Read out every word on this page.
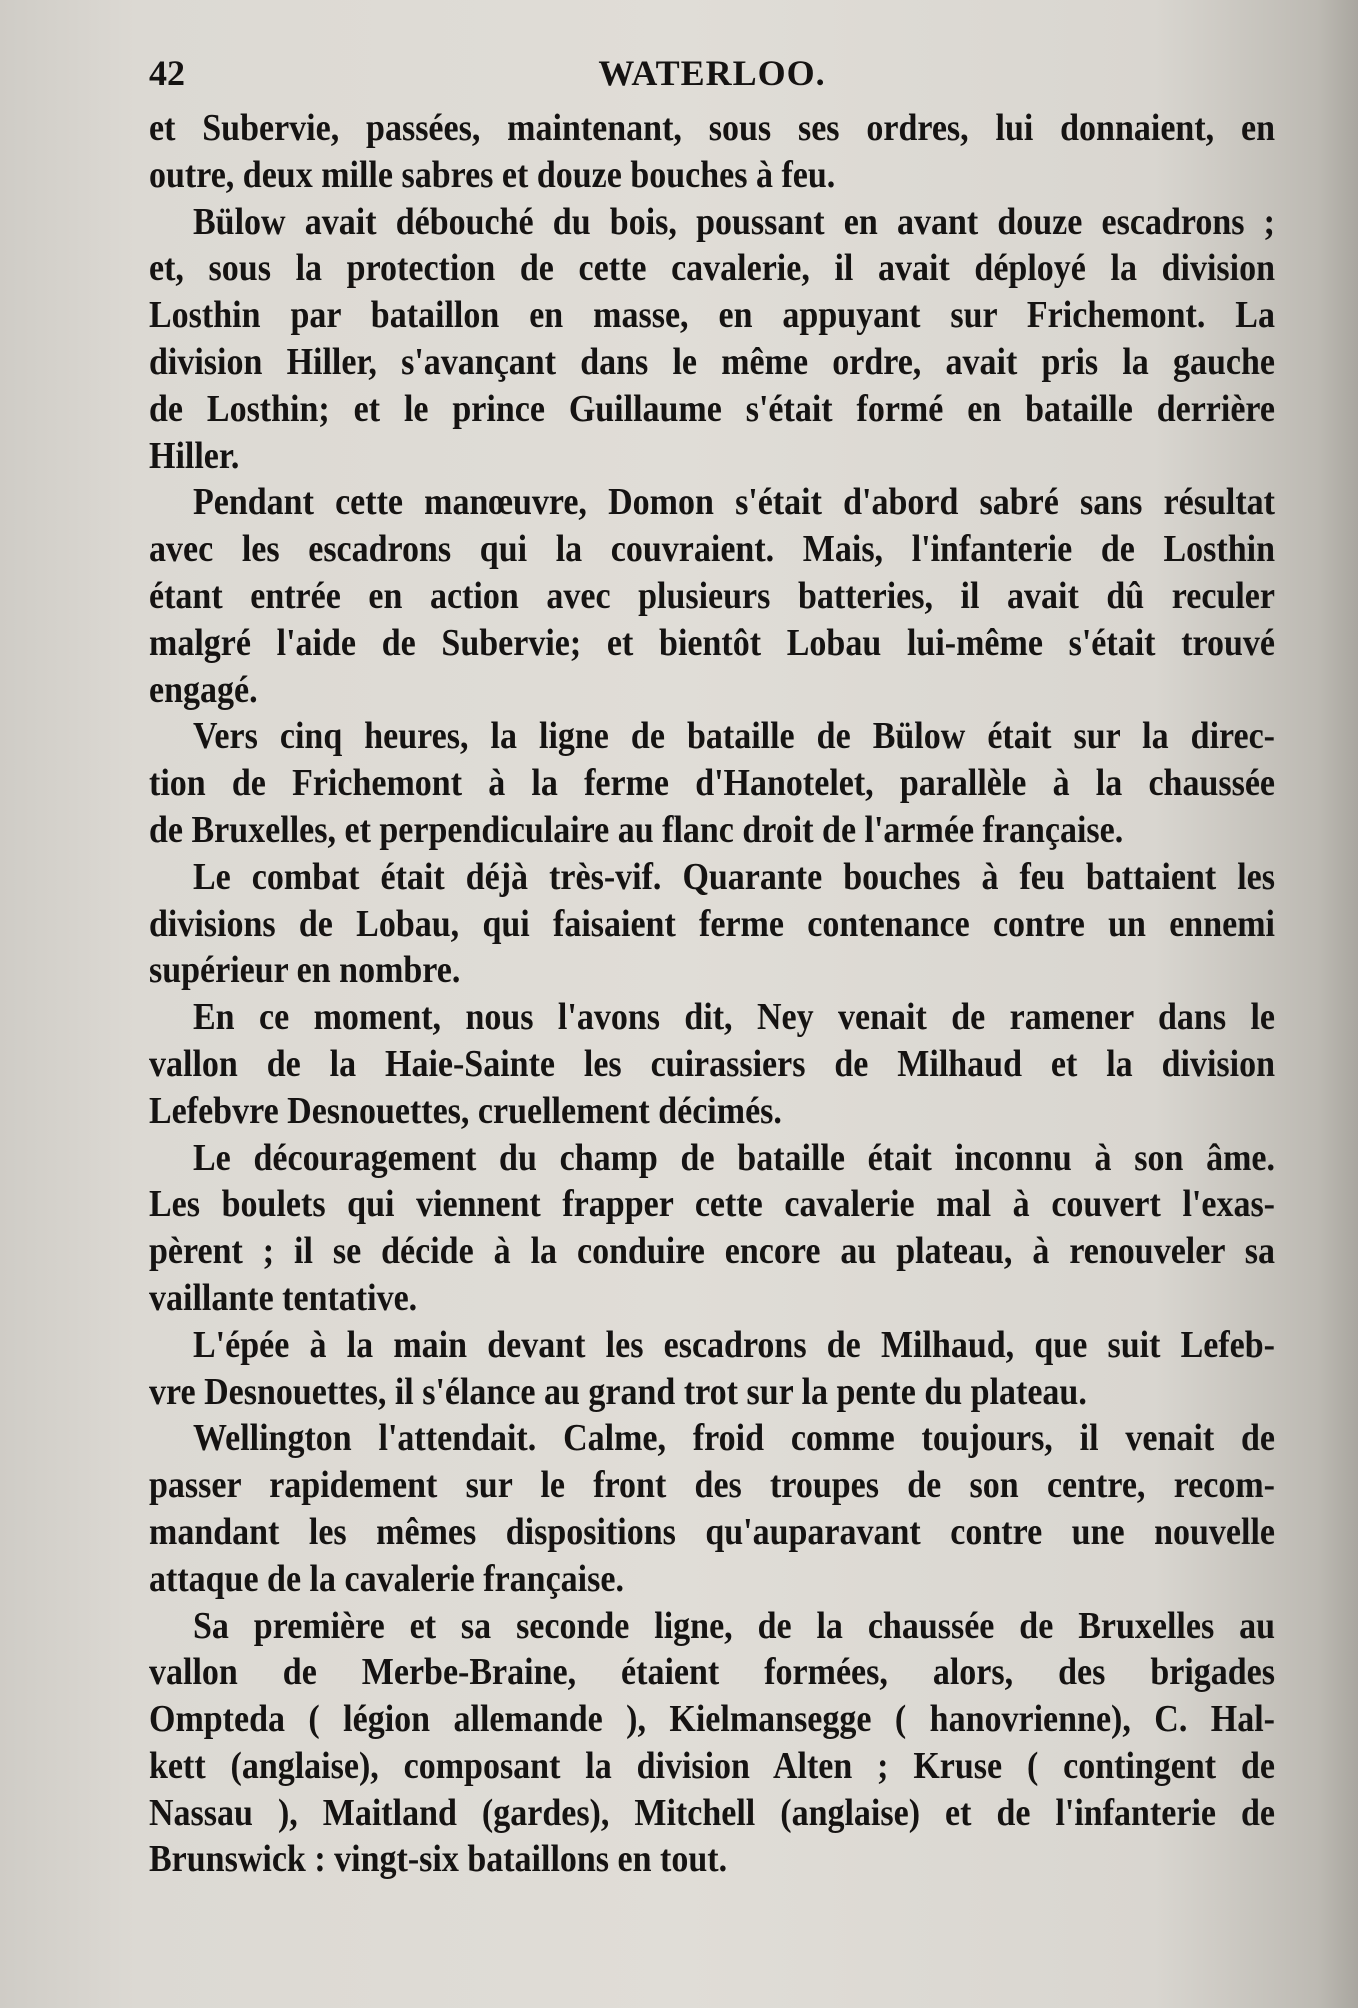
42	WATERLOO.
et Subervie, passées, maintenant, sous ses ordres, lui donnaient, en
outre, deux mille sabres et douze bouches à feu.
Bülow avait débouché du bois, poussant en avant douze escadrons ;
et, sous la protection de cette cavalerie, il avait déployé la division
Losthin par bataillon en masse, en appuyant sur Frichemont. La
division Hiller, s'avançant dans le même ordre, avait pris la gauche
de Losthin; et le prince Guillaume s'était formé en bataille derrière
Hiller.
Pendant cette manœuvre, Domon s'était d'abord sabré sans résultat
avec les escadrons qui la couvraient. Mais, l'infanterie de Losthin
étant entrée en action avec plusieurs batteries, il avait dû reculer
malgré l'aide de Subervie; et bientôt Lobau lui-même s'était trouvé
engagé.
Vers cinq heures, la ligne de bataille de Bülow était sur la direc-
tion de Frichemont à la ferme d'Hanotelet, parallèle à la chaussée
de Bruxelles, et perpendiculaire au flanc droit de l'armée française.
Le combat était déjà très-vif. Quarante bouches à feu battaient les
divisions de Lobau, qui faisaient ferme contenance contre un ennemi
supérieur en nombre.
En ce moment, nous l'avons dit, Ney venait de ramener dans le
vallon de la Haie-Sainte les cuirassiers de Milhaud et la division
Lefebvre Desnouettes, cruellement décimés.
Le découragement du champ de bataille était inconnu à son âme.
Les boulets qui viennent frapper cette cavalerie mal à couvert l'exas-
pèrent ; il se décide à la conduire encore au plateau, à renouveler sa
vaillante tentative.
L'épée à la main devant les escadrons de Milhaud, que suit Lefeb-
vre Desnouettes, il s'élance au grand trot sur la pente du plateau.
Wellington l'attendait. Calme, froid comme toujours, il venait de
passer rapidement sur le front des troupes de son centre, recom-
mandant les mêmes dispositions qu'auparavant contre une nouvelle
attaque de la cavalerie française.
Sa première et sa seconde ligne, de la chaussée de Bruxelles au
vallon de Merbe-Braine, étaient formées, alors, des brigades
Ompteda ( légion allemande ), Kielmansegge ( hanovrienne), C. Hal-
kett (anglaise), composant la division Alten ; Kruse ( contingent de
Nassau ), Maitland (gardes), Mitchell (anglaise) et de l'infanterie de
Brunswick : vingt-six bataillons en tout.
